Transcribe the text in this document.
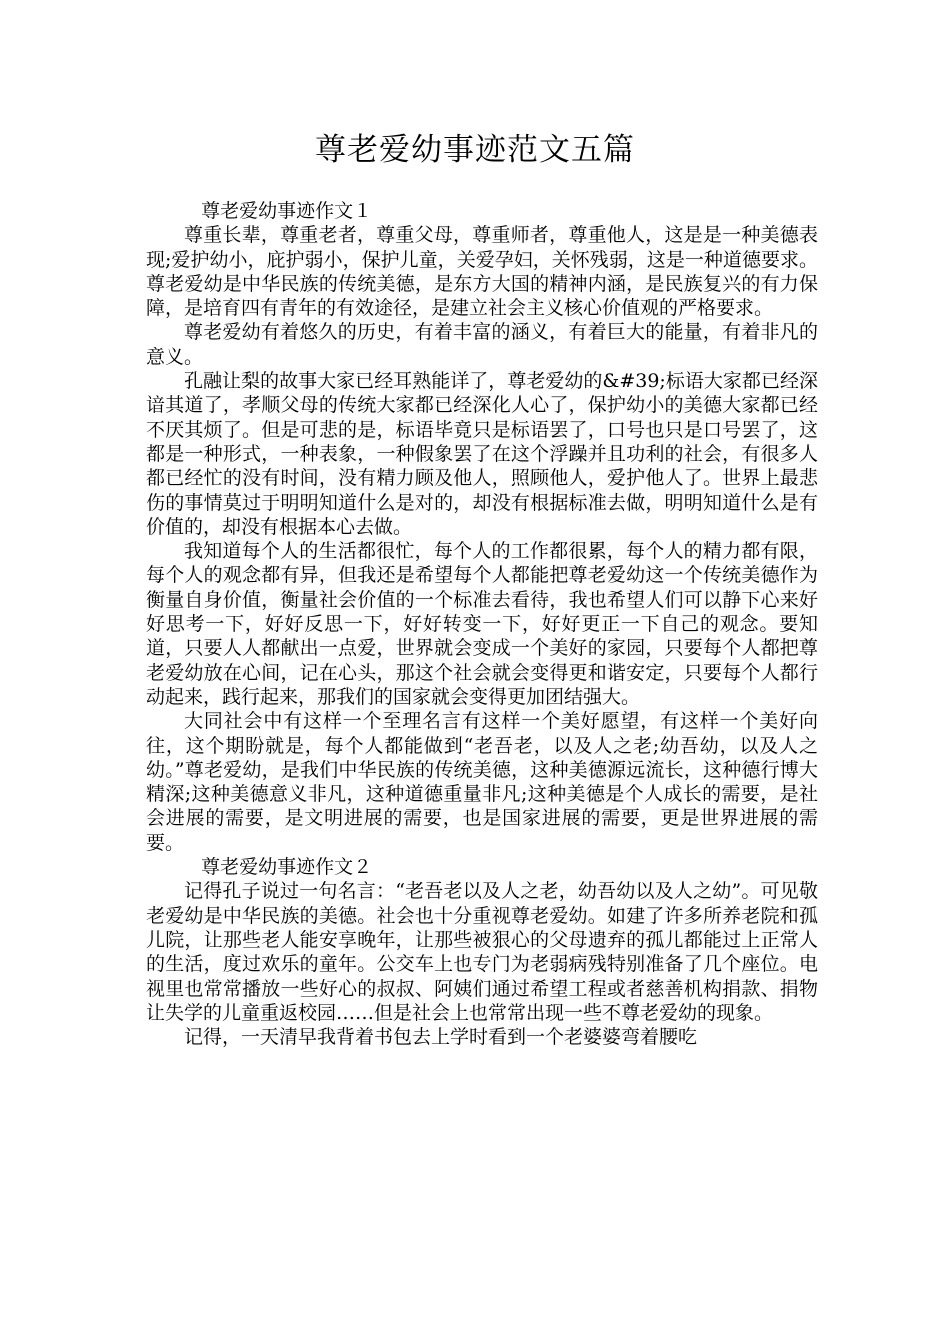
尊老爱幼事迹范文五篇

尊老爱幼事迹作文１

尊重长辈，尊重老者，尊重父母，尊重师者，尊重他人，这是是一种美德表现;爱护幼小，庇护弱小，保护儿童，关爱孕妇，关怀残弱，这是一种道德要求。尊老爱幼是中华民族的传统美德，是东方大国的精神内涵，是民族复兴的有力保障，是培育四有青年的有效途径，是建立社会主义核心价值观的严格要求。

尊老爱幼有着悠久的历史，有着丰富的涵义，有着巨大的能量，有着非凡的意义。

孔融让梨的故事大家已经耳熟能详了，尊老爱幼的&#39;标语大家都已经深谙其道了，孝顺父母的传统大家都已经深化人心了，保护幼小的美德大家都已经不厌其烦了。但是可悲的是，标语毕竟只是标语罢了，口号也只是口号罢了，这都是一种形式，一种表象，一种假象罢了在这个浮躁并且功利的社会，有很多人都已经忙的没有时间，没有精力顾及他人，照顾他人，爱护他人了。世界上最悲伤的事情莫过于明明知道什么是对的，却没有根据标准去做，明明知道什么是有价值的，却没有根据本心去做。

我知道每个人的生活都很忙，每个人的工作都很累，每个人的精力都有限，每个人的观念都有异，但我还是希望每个人都能把尊老爱幼这一个传统美德作为衡量自身价值，衡量社会价值的一个标准去看待，我也希望人们可以静下心来好好思考一下，好好反思一下，好好转变一下，好好更正一下自己的观念。要知道，只要人人都献出一点爱，世界就会变成一个美好的家园，只要每个人都把尊老爱幼放在心间，记在心头，那这个社会就会变得更和谐安定，只要每个人都行动起来，践行起来，那我们的国家就会变得更加团结强大。

大同社会中有这样一个至理名言有这样一个美好愿望，有这样一个美好向往，这个期盼就是，每个人都能做到“老吾老，以及人之老;幼吾幼，以及人之幼。”尊老爱幼，是我们中华民族的传统美德，这种美德源远流长，这种德行博大精深;这种美德意义非凡，这种道德重量非凡;这种美德是个人成长的需要，是社会进展的需要，是文明进展的需要，也是国家进展的需要，更是世界进展的需要。

尊老爱幼事迹作文２

记得孔子说过一句名言：“老吾老以及人之老，幼吾幼以及人之幼”。可见敬老爱幼是中华民族的美德。社会也十分重视尊老爱幼。如建了许多所养老院和孤儿院，让那些老人能安享晚年，让那些被狠心的父母遗弃的孤儿都能过上正常人的生活，度过欢乐的童年。公交车上也专门为老弱病残特别准备了几个座位。电视里也常常播放一些好心的叔叔、阿姨们通过希望工程或者慈善机构捐款、捐物让失学的儿童重返校园……但是社会上也常常出现一些不尊老爱幼的现象。

记得，一天清早我背着书包去上学时看到一个老婆婆弯着腰吃
